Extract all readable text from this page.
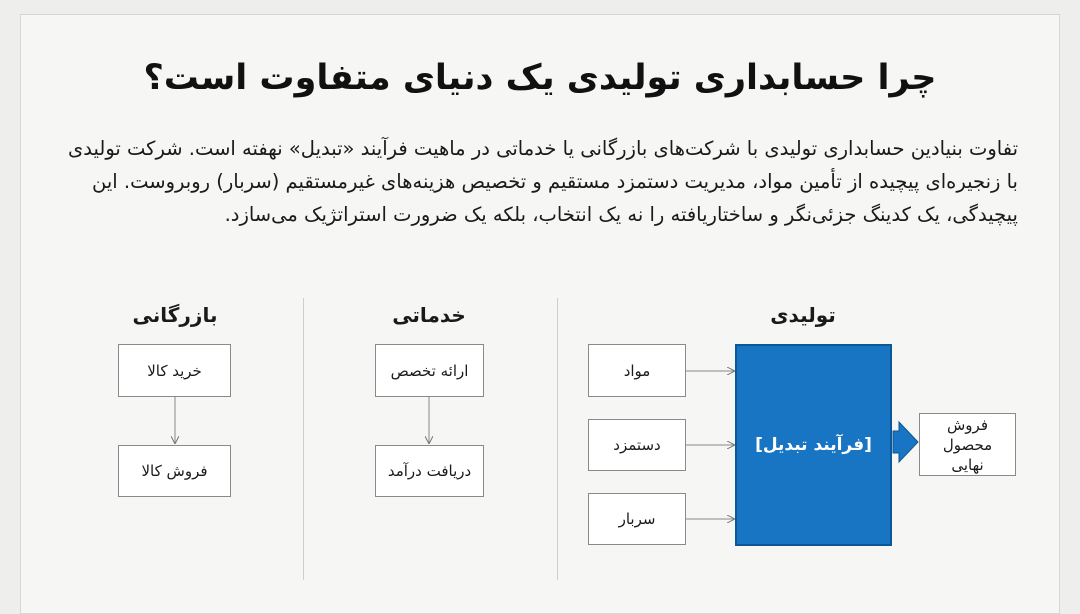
چرا حسابداری تولیدی یک دنیای متفاوت است؟
تفاوت بنیادین حسابداری تولیدی با شرکت‌های بازرگانی یا خدماتی در ماهیت فرآیند «تبدیل» نهفته است. شرکت تولیدی با زنجیره‌ای پیچیده از تأمین مواد، مدیریت دستمزد مستقیم و تخصیص هزینه‌های غیرمستقیم (سربار) روبروست. این پیچیدگی، یک کدینگ جزئی‌نگر و ساختاریافته را نه یک انتخاب، بلکه یک ضرورت استراتژیک می‌سازد.
بازرگانی
خرید کالا
فروش کالا
خدماتی
ارائه تخصص
دریافت درآمد
تولیدی
مواد
دستمزد
سربار
[فرآیند تبدیل]
فروش محصول نهایی
